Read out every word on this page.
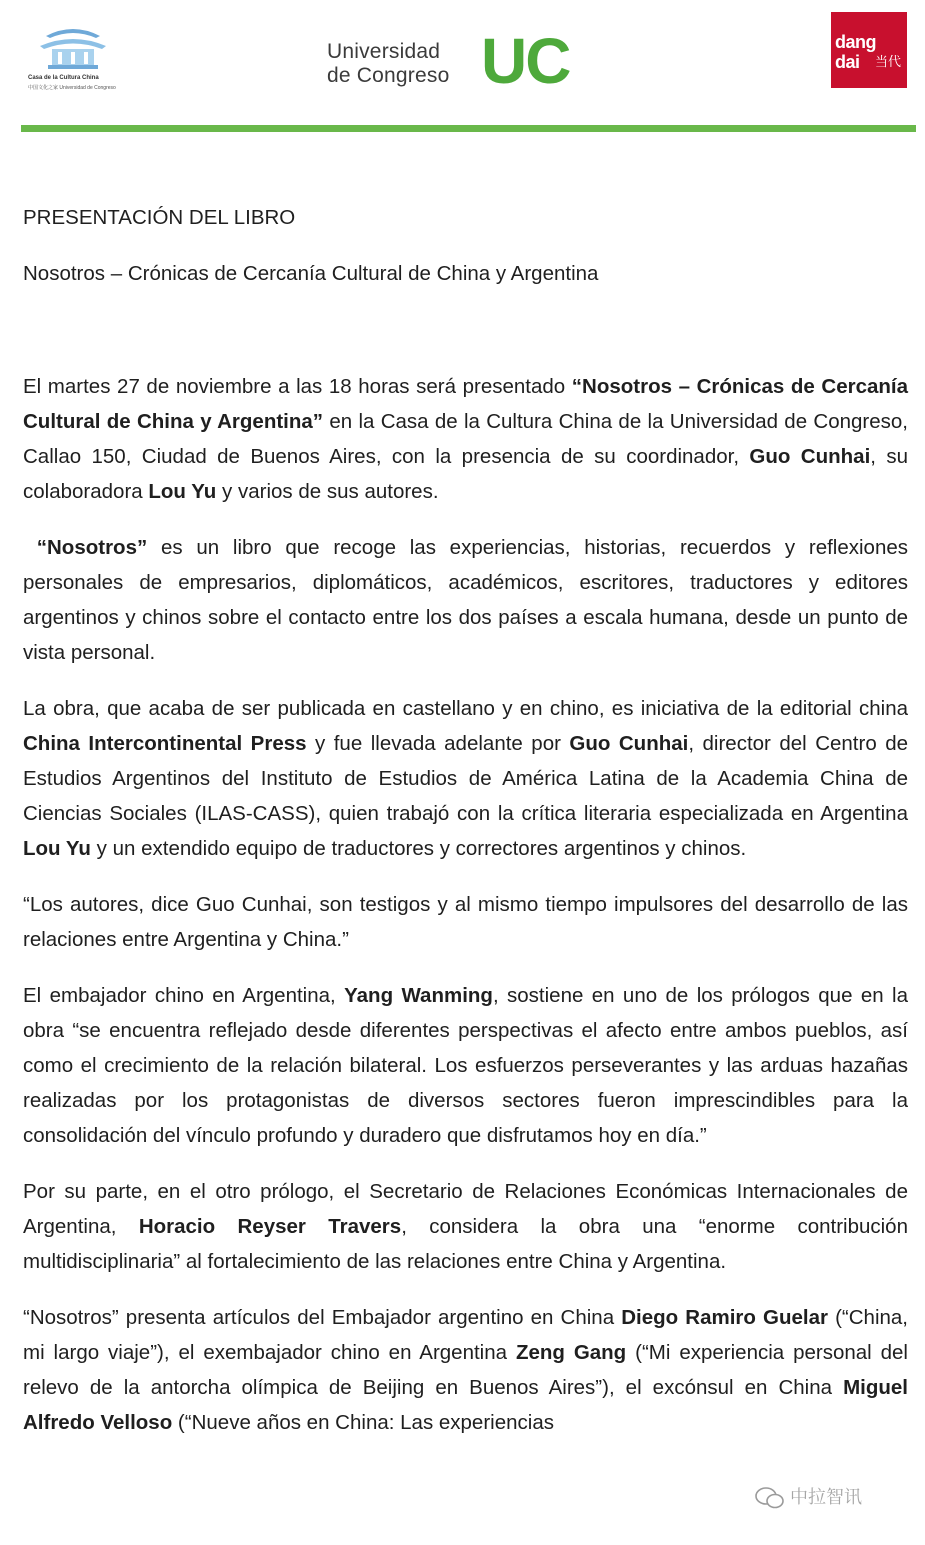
Casa de la Cultura China
中国文化之家 Universidad de Congreso
Universidad
de Congreso UC	dang
dai 当代

PRESENTACIÓN DEL LIBRO

Nosotros – Crónicas de Cercanía Cultural de China y Argentina

El martes 27 de noviembre a las 18 horas será presentado “Nosotros – Crónicas de Cercanía Cultural de China y Argentina” en la Casa de la Cultura China de la Universidad de Congreso, Callao 150, Ciudad de Buenos Aires, con la presencia de su coordinador, Guo Cunhai, su colaboradora Lou Yu y varios de sus autores.

“Nosotros” es un libro que recoge las experiencias, historias, recuerdos y reflexiones personales de empresarios, diplomáticos, académicos, escritores, traductores y editores argentinos y chinos sobre el contacto entre los dos países a escala humana, desde un punto de vista personal.

La obra, que acaba de ser publicada en castellano y en chino, es iniciativa de la editorial china China Intercontinental Press y fue llevada adelante por Guo Cunhai, director del Centro de Estudios Argentinos del Instituto de Estudios de América Latina de la Academia China de Ciencias Sociales (ILAS-CASS), quien trabajó con la crítica literaria especializada en Argentina Lou Yu y un extendido equipo de traductores y correctores argentinos y chinos.

“Los autores, dice Guo Cunhai, son testigos y al mismo tiempo impulsores del desarrollo de las relaciones entre Argentina y China.”

El embajador chino en Argentina, Yang Wanming, sostiene en uno de los prólogos que en la obra “se encuentra reflejado desde diferentes perspectivas el afecto entre ambos pueblos, así como el crecimiento de la relación bilateral. Los esfuerzos perseverantes y las arduas hazañas realizadas por los protagonistas de diversos sectores fueron imprescindibles para la consolidación del vínculo profundo y duradero que disfrutamos hoy en día.”

Por su parte, en el otro prólogo, el Secretario de Relaciones Económicas Internacionales de Argentina, Horacio Reyser Travers, considera la obra una “enorme contribución multidisciplinaria” al fortalecimiento de las relaciones entre China y Argentina.

“Nosotros” presenta artículos del Embajador argentino en China Diego Ramiro Guelar (“China, mi largo viaje”), el exembajador chino en Argentina Zeng Gang (“Mi experiencia personal del relevo de la antorcha olímpica de Beijing en Buenos Aires”), el excónsul en China Miguel Alfredo Velloso (“Nueve años en China: Las experiencias

中拉智讯
